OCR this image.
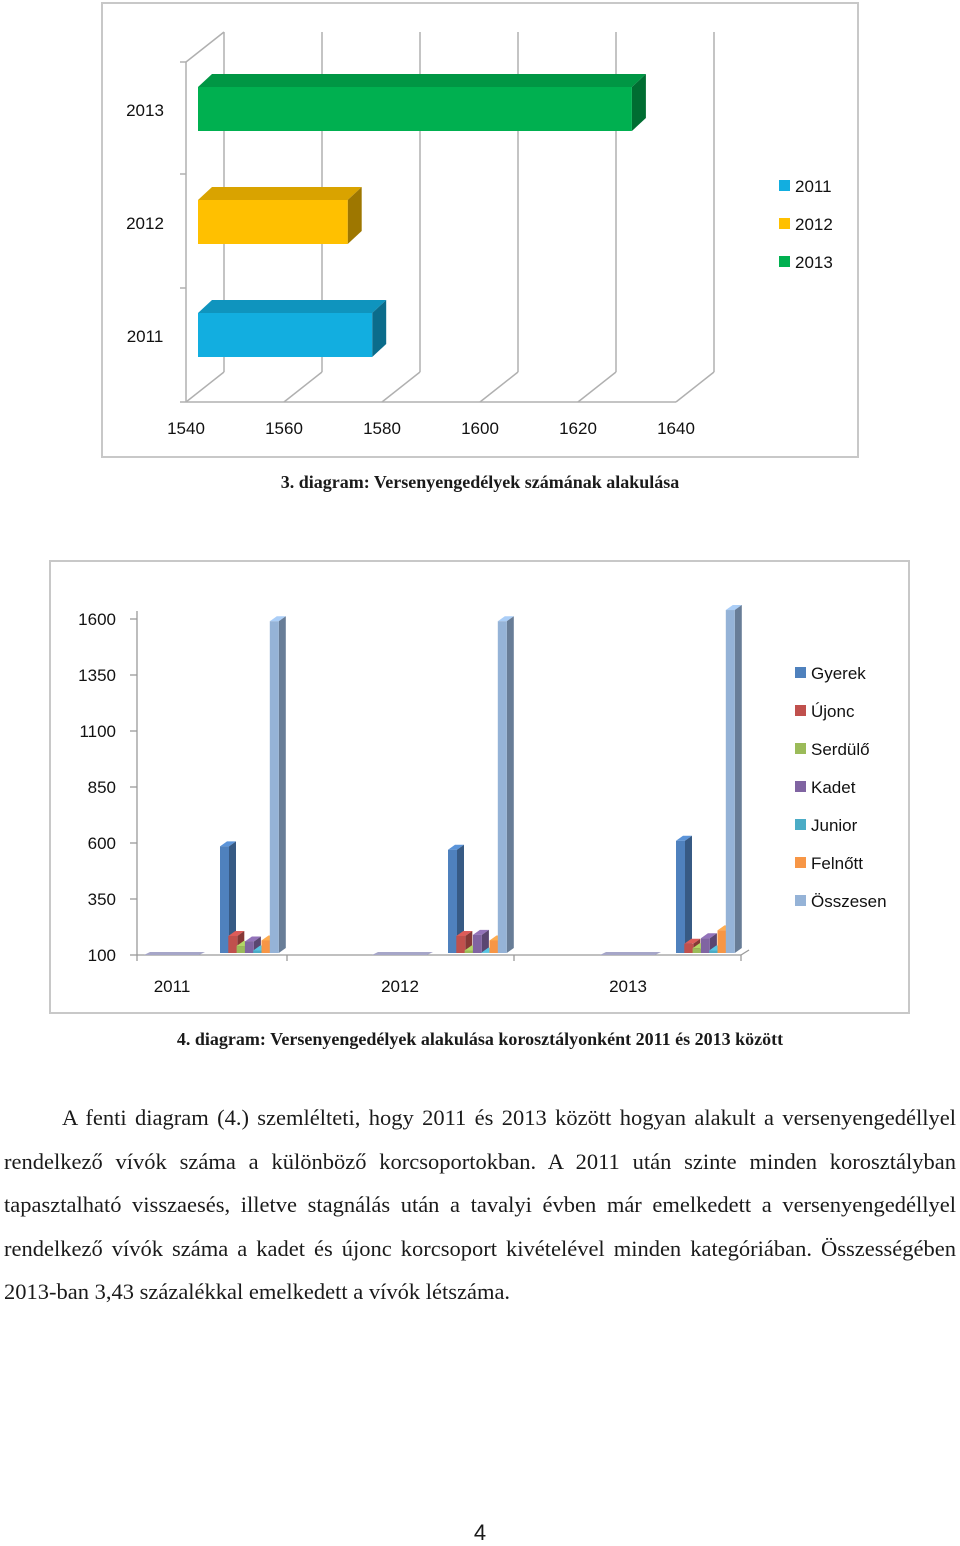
1540	1560	1580	1600	1620	1640
2011
2012
2013
2011
2012
2013
3. diagram: Versenyengedélyek számának alakulása
100
350
600
850
1100
1350
1600
2011	2012	2013
Gyerek
Újonc
Serdülő
Kadet
Junior
Felnőtt
Összesen
4. diagram: Versenyengedélyek alakulása korosztályonként 2011 és 2013 között

A fenti diagram (4.) szemlélteti, hogy 2011 és 2013 között hogyan alakult a versenyengedéllyel rendelkező vívók száma a különböző korcsoportokban. A 2011 után szinte minden korosztályban tapasztalható visszaesés, illetve stagnálás után a tavalyi évben már emelkedett a versenyengedéllyel rendelkező vívók száma a kadet és újonc korcsoport kivételével minden kategóriában. Összességében 2013-ban 3,43 százalékkal emelkedett a vívók létszáma.

4
